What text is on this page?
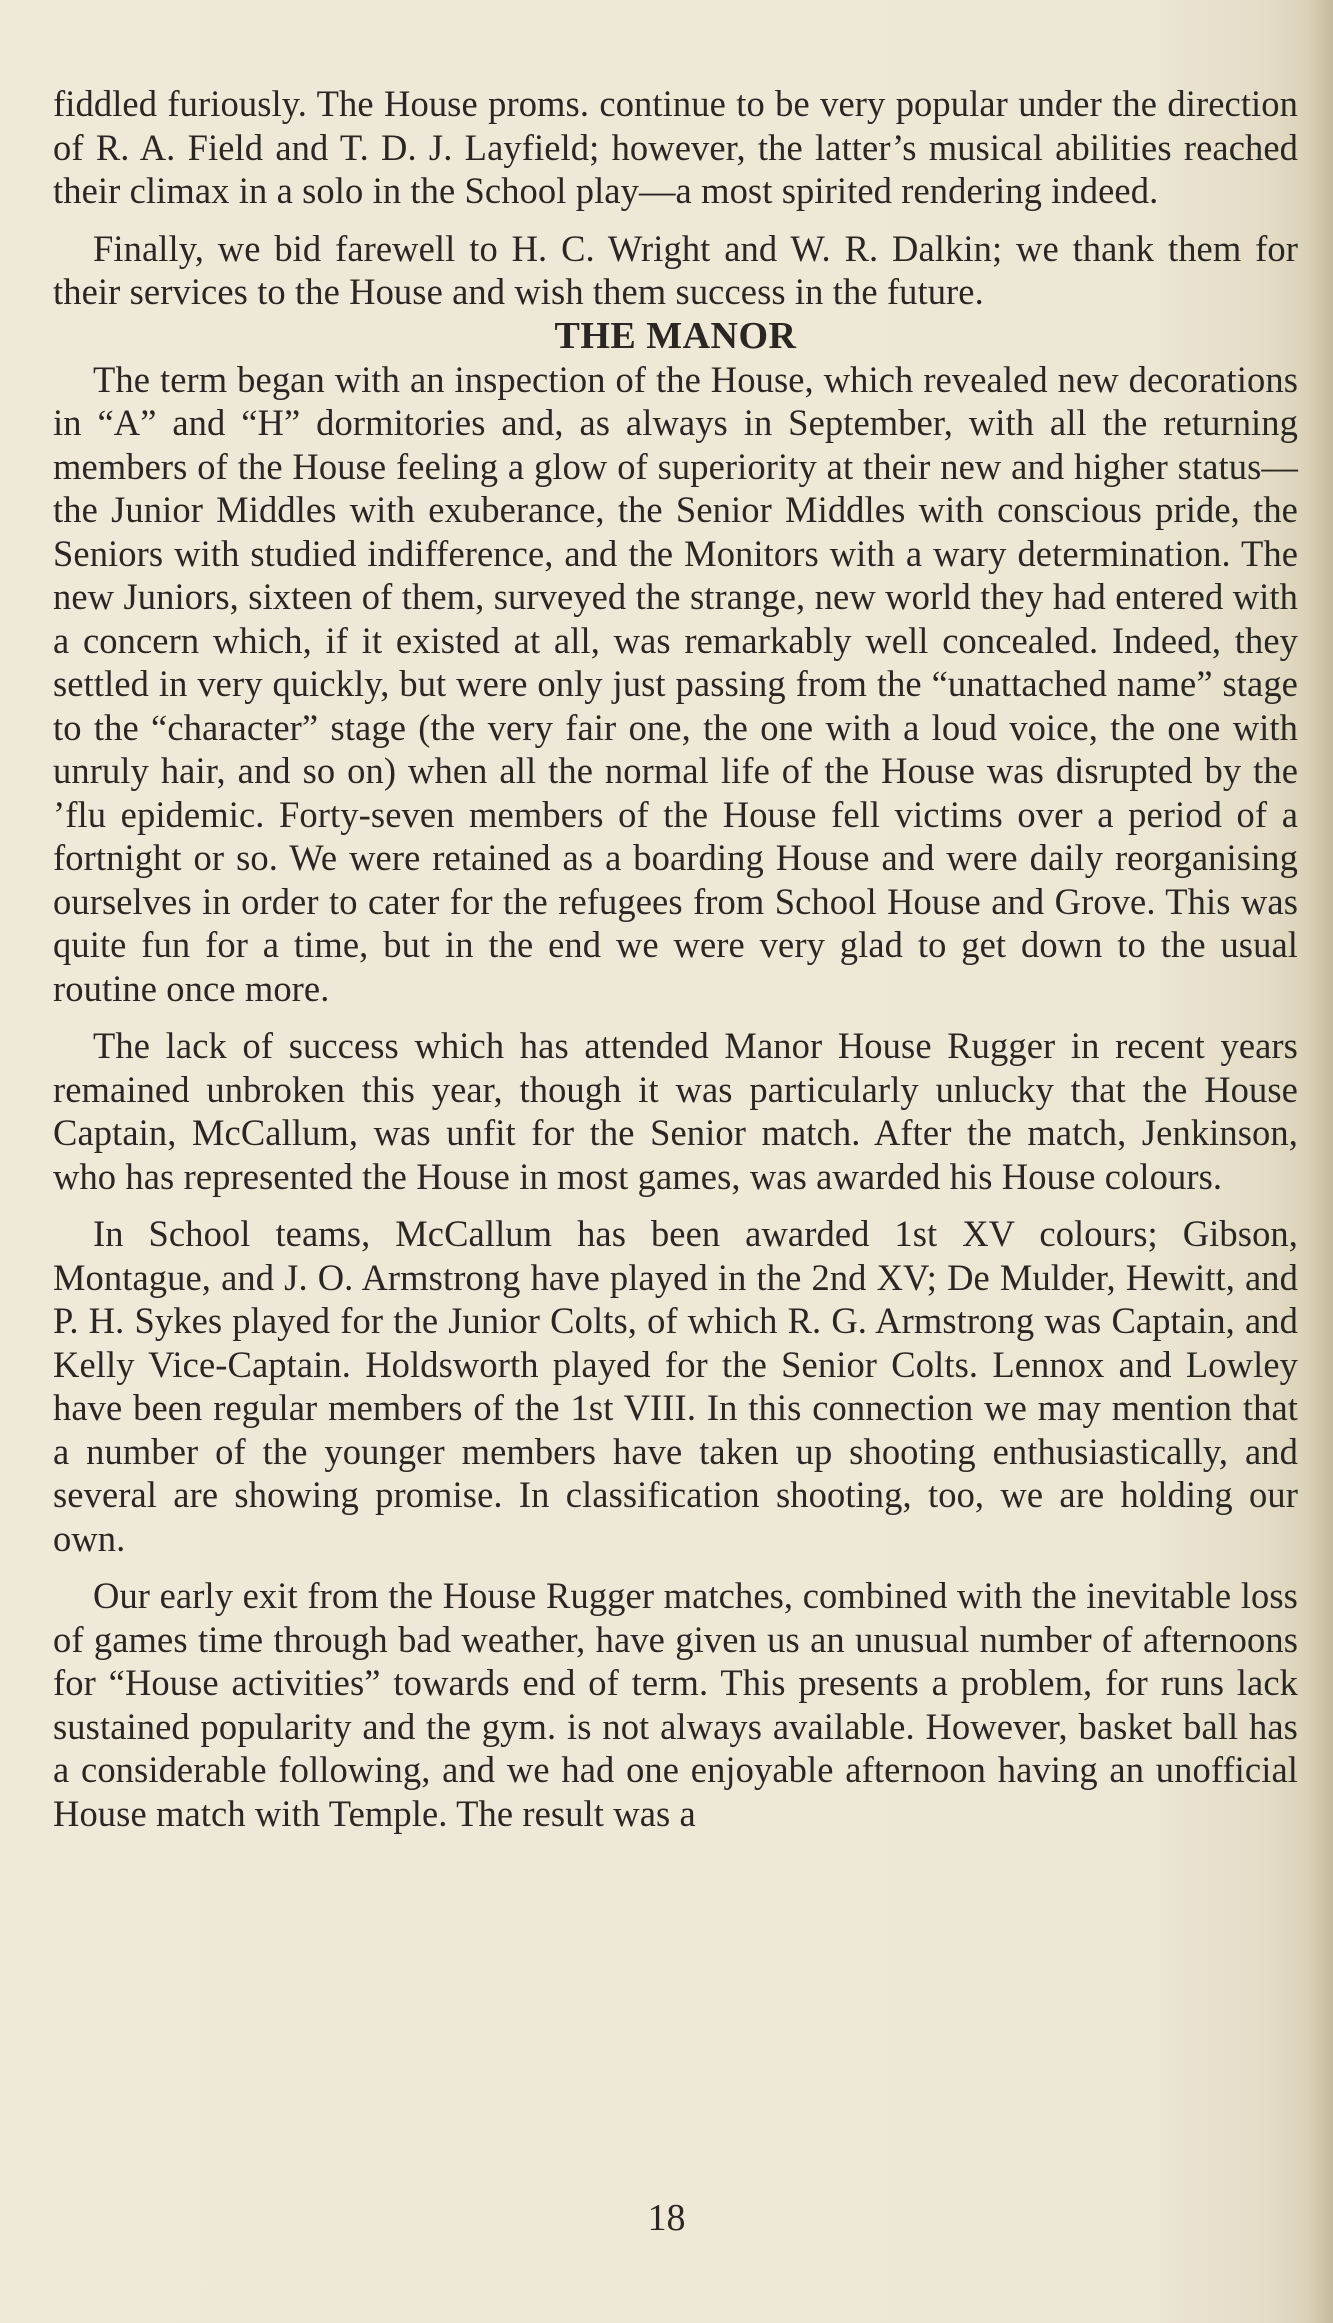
fiddled furiously. The House proms. continue to be very popular under the direction of R. A. Field and T. D. J. Layfield; however, the latter’s musical abilities reached their climax in a solo in the School play—a most spirited rendering indeed.

Finally, we bid farewell to H. C. Wright and W. R. Dalkin; we thank them for their services to the House and wish them success in the future.

THE MANOR

The term began with an inspection of the House, which revealed new decorations in “A” and “H” dormitories and, as always in September, with all the returning members of the House feeling a glow of superiority at their new and higher status—the Junior Middles with exuberance, the Senior Middles with conscious pride, the Seniors with studied indifference, and the Monitors with a wary determination. The new Juniors, sixteen of them, surveyed the strange, new world they had entered with a concern which, if it existed at all, was remarkably well concealed. Indeed, they settled in very quickly, but were only just passing from the “unattached name” stage to the “character” stage (the very fair one, the one with a loud voice, the one with unruly hair, and so on) when all the normal life of the House was disrupted by the ’flu epidemic. Forty-seven members of the House fell victims over a period of a fortnight or so. We were retained as a boarding House and were daily reorganising ourselves in order to cater for the refugees from School House and Grove. This was quite fun for a time, but in the end we were very glad to get down to the usual routine once more.

The lack of success which has attended Manor House Rugger in recent years remained unbroken this year, though it was particularly unlucky that the House Captain, McCallum, was unfit for the Senior match. After the match, Jenkinson, who has represented the House in most games, was awarded his House colours.

In School teams, McCallum has been awarded 1st XV colours; Gibson, Montague, and J. O. Armstrong have played in the 2nd XV; De Mulder, Hewitt, and P. H. Sykes played for the Junior Colts, of which R. G. Armstrong was Captain, and Kelly Vice-Captain. Holdsworth played for the Senior Colts. Lennox and Lowley have been regular members of the 1st VIII. In this connection we may mention that a number of the younger members have taken up shooting enthusiastically, and several are showing promise. In classification shooting, too, we are holding our own.

Our early exit from the House Rugger matches, combined with the inevitable loss of games time through bad weather, have given us an unusual number of afternoons for “House activities” towards end of term. This presents a problem, for runs lack sustained popularity and the gym. is not always available. However, basket ball has a considerable following, and we had one enjoyable afternoon having an unofficial House match with Temple. The result was a

18
